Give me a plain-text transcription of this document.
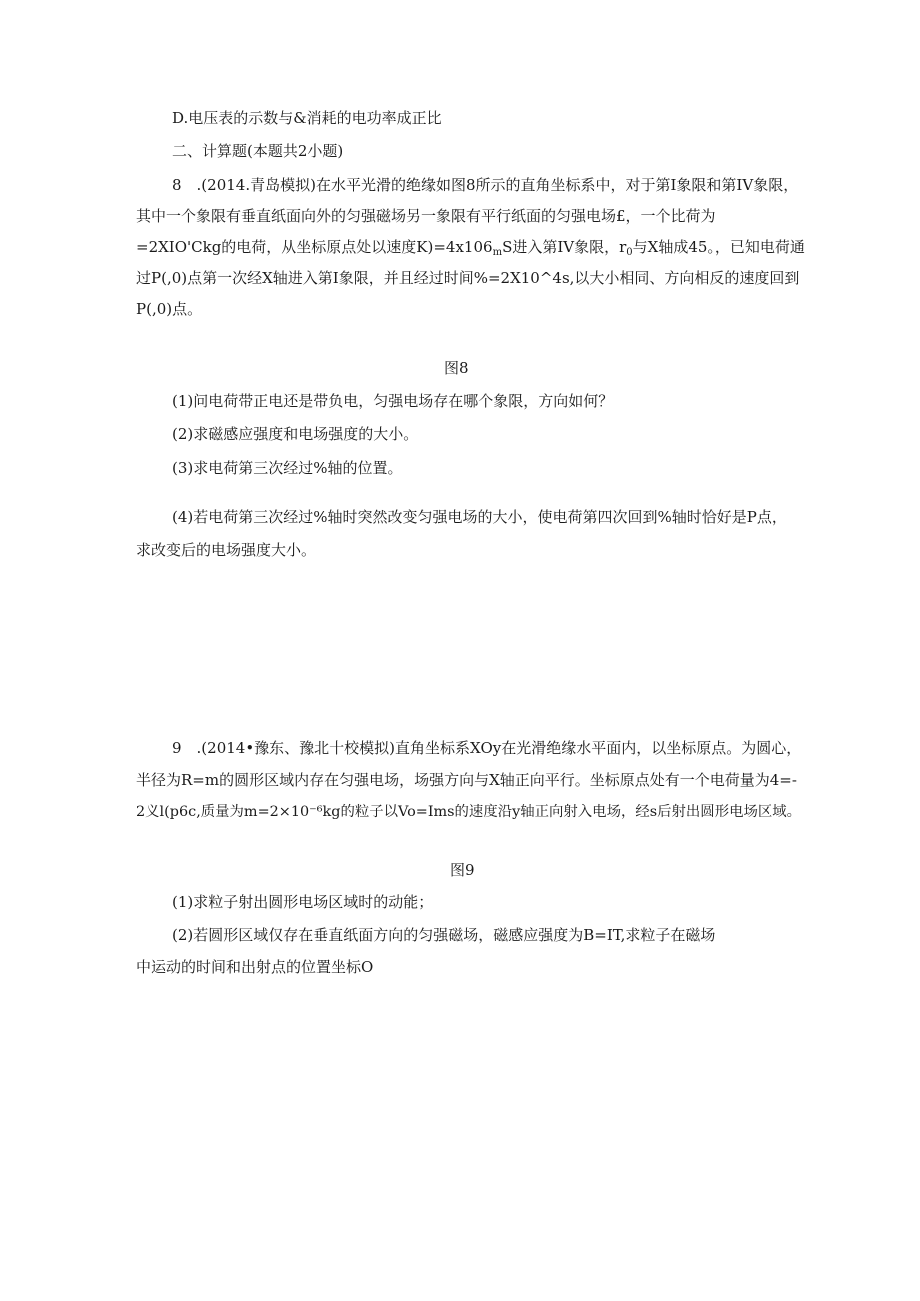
D.电压表的示数与&消耗的电功率成正比
二、计算题(本题共2小题)
8　.(2014.青岛模拟)在水平光滑的绝缘如图8所示的直角坐标系中，对于第I象限和第IV象限，
其中一个象限有垂直纸面向外的匀强磁场另一象限有平行纸面的匀强电场£，一个比荷为
=2XIO'Ckg的电荷，从坐标原点处以速度$K)=4x106_mS$进入第IV象限，$r_0$与X轴成45。，已知电荷通
过P(,0)点第一次经X轴进入第I象限，并且经过时间%=2X10^4s,以大小相同、方向相反的速度回到
P(,0)点。
图8
(1)问电荷带正电还是带负电，匀强电场存在哪个象限，方向如何？
(2)求磁感应强度和电场强度的大小。
(3)求电荷第三次经过%轴的位置。
(4)若电荷第三次经过%轴时突然改变匀强电场的大小，使电荷第四次回到%轴时恰好是P点，
求改变后的电场强度大小。
9　.(2014•豫东、豫北十校模拟)直角坐标系XOy在光滑绝缘水平面内，以坐标原点。为圆心，
半径为R=m的圆形区域内存在匀强电场，场强方向与X轴正向平行。坐标原点处有一个电荷量为4=-
2义l(p6c,质量为m=2×10⁻⁶kg的粒子以Vo=Ims的速度沿y轴正向射入电场，经s后射出圆形电场区域。
图9
(1)求粒子射出圆形电场区域时的动能；
(2)若圆形区域仅存在垂直纸面方向的匀强磁场，磁感应强度为B=IT,求粒子在磁场
中运动的时间和出射点的位置坐标O
